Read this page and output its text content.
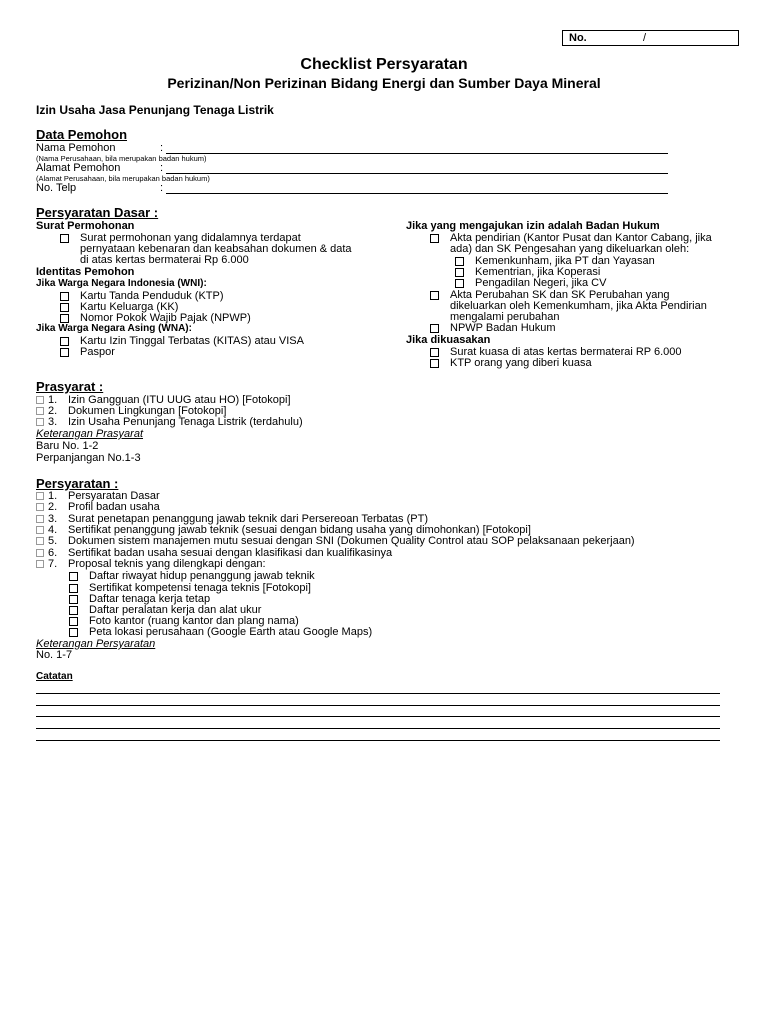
No.	/
Checklist Persyaratan
Perizinan/Non Perizinan Bidang Energi dan Sumber Daya Mineral
Izin Usaha Jasa Penunjang Tenaga Listrik
Data Pemohon
Nama Pemohon	:
(Nama Perusahaan, bila merupakan badan hukum)
Alamat Pemohon	:
(Alamat Perusahaan, bila merupakan badan hukum)
No. Telp	:
Persyaratan Dasar :
Surat Permohonan
Surat permohonan yang didalamnya terdapat
pernyataan kebenaran dan keabsahan dokumen & data
di atas kertas bermaterai Rp 6.000
Identitas Pemohon
Jika Warga Negara Indonesia (WNI):
Kartu Tanda Penduduk (KTP)
Kartu Keluarga (KK)
Nomor Pokok Wajib Pajak (NPWP)
Jika Warga Negara Asing (WNA):
Kartu Izin Tinggal Terbatas (KITAS) atau VISA
Paspor
Jika yang mengajukan izin adalah Badan Hukum
Akta pendirian (Kantor Pusat dan Kantor Cabang, jika
ada) dan SK Pengesahan yang dikeluarkan oleh:
Kemenkunham, jika PT dan Yayasan
Kementrian, jika Koperasi
Pengadilan Negeri, jika CV
Akta Perubahan SK dan SK Perubahan yang
dikeluarkan oleh Kemenkumham, jika Akta Pendirian
mengalami perubahan
NPWP Badan Hukum
Jika dikuasakan
Surat kuasa di atas kertas bermaterai RP 6.000
KTP orang yang diberi kuasa
Prasyarat :
1. Izin Gangguan (ITU UUG atau HO) [Fotokopi]
2. Dokumen Lingkungan [Fotokopi]
3. Izin Usaha Penunjang Tenaga Listrik (terdahulu)
Keterangan Prasyarat
Baru No. 1-2
Perpanjangan No.1-3
Persyaratan :
1. Persyaratan Dasar
2. Profil badan usaha
3. Surat penetapan penanggung jawab teknik dari Persereoan Terbatas (PT)
4. Sertifikat penanggung jawab teknik (sesuai dengan bidang usaha yang dimohonkan) [Fotokopi]
5. Dokumen sistem manajemen mutu sesuai dengan SNI (Dokumen Quality Control atau SOP pelaksanaan pekerjaan)
6. Sertifikat badan usaha sesuai dengan klasifikasi dan kualifikasinya
7. Proposal teknis yang dilengkapi dengan:
Daftar riwayat hidup penanggung jawab teknik
Sertifikat kompetensi tenaga teknis [Fotokopi]
Daftar tenaga kerja tetap
Daftar peralatan kerja dan alat ukur
Foto kantor (ruang kantor dan plang nama)
Peta lokasi perusahaan (Google Earth atau Google Maps)
Keterangan Persyaratan
No. 1-7
Catatan
